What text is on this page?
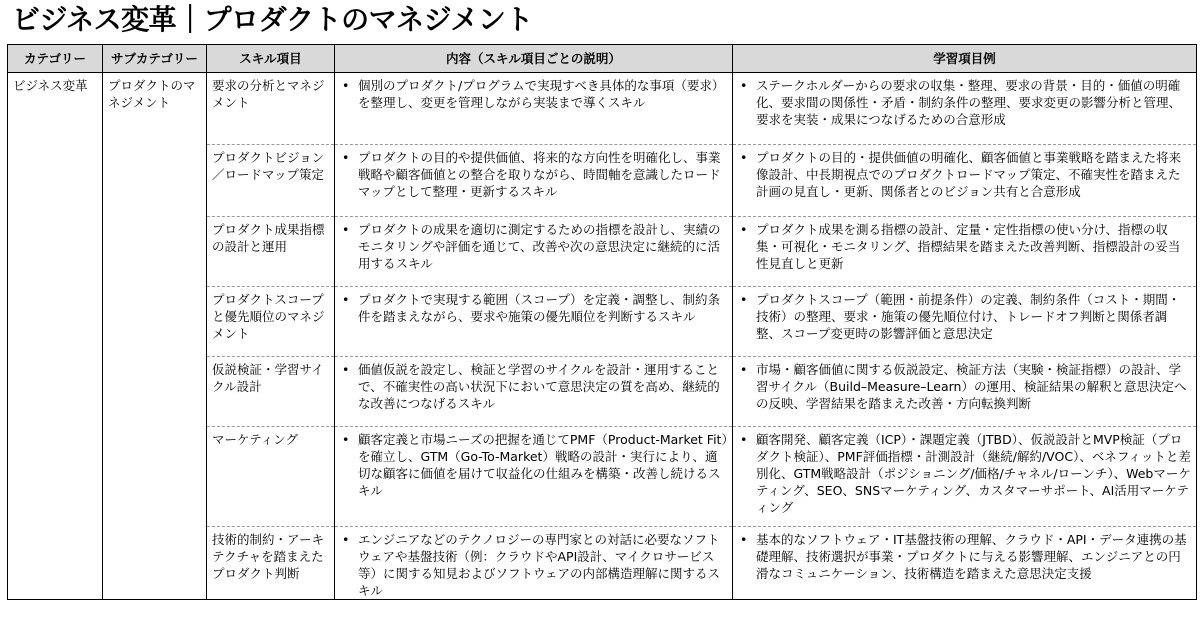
ビジネス変革｜プロダクトのマネジメント
カテゴリー	サブカテゴリー	スキル項目	内容（スキル項目ごとの説明）	学習項目例
ビジネス変革	プロダクトのマネジメント	要求の分析とマネジメント	• 個別のプロダクト/プログラムで実現すべき具体的な事項（要求）を整理し、変更を管理しながら実装まで導くスキル	• ステークホルダーからの要求の収集・整理、要求の背景・目的・価値の明確化、要求間の関係性・矛盾・制約条件の整理、要求変更の影響分析と管理、要求を実装・成果につなげるための合意形成

		プロダクトビジョン／ロードマップ策定	• プロダクトの目的や提供価値、将来的な方向性を明確化し、事業戦略や顧客価値との整合を取りながら、時間軸を意識したロードマップとして整理・更新するスキル	• プロダクトの目的・提供価値の明確化、顧客価値と事業戦略を踏まえた将来像設計、中長期視点でのプロダクトロードマップ策定、不確実性を踏まえた計画の見直し・更新、関係者とのビジョン共有と合意形成

		プロダクト成果指標の設計と運用	• プロダクトの成果を適切に測定するための指標を設計し、実績のモニタリングや評価を通じて、改善や次の意思決定に継続的に活用するスキル	• プロダクト成果を測る指標の設計、定量・定性指標の使い分け、指標の収集・可視化・モニタリング、指標結果を踏まえた改善判断、指標設計の妥当性見直しと更新

		プロダクトスコープと優先順位のマネジメント	• プロダクトで実現する範囲（スコープ）を定義・調整し、制約条件を踏まえながら、要求や施策の優先順位を判断するスキル	• プロダクトスコープ（範囲・前提条件）の定義、制約条件（コスト・期間・技術）の整理、要求・施策の優先順位付け、トレードオフ判断と関係者調整、スコープ変更時の影響評価と意思決定

		仮説検証・学習サイクル設計	• 価値仮説を設定し、検証と学習のサイクルを設計・運用することで、不確実性の高い状況下において意思決定の質を高め、継続的な改善につなげるスキル	• 市場・顧客価値に関する仮説設定、検証方法（実験・検証指標）の設計、学習サイクル（Build–Measure–Learn）の運用、検証結果の解釈と意思決定への反映、学習結果を踏まえた改善・方向転換判断

		マーケティング	• 顧客定義と市場ニーズの把握を通じてPMF（Product-Market Fit）を確立し、GTM（Go-To-Market）戦略の設計・実行により、適切な顧客に価値を届けて収益化の仕組みを構築・改善し続けるスキル	• 顧客開発、顧客定義（ICP）・課題定義（JTBD）、仮説設計とMVP検証（プロダクト検証）、PMF評価指標・計測設計（継続/解約/VOC）、ベネフィットと差別化、GTM戦略設計（ポジショニング/価格/チャネル/ローンチ）、Webマーケティング、SEO、SNSマーケティング、カスタマーサポート、AI活用マーケティング

		技術的制約・アーキテクチャを踏まえたプロダクト判断	• エンジニアなどのテクノロジーの専門家との対話に必要なソフトウェアや基盤技術（例：クラウドやAPI設計、マイクロサービス等）に関する知見およびソフトウェアの内部構造理解に関するスキル	• 基本的なソフトウェア・IT基盤技術の理解、クラウド・API・データ連携の基礎理解、技術選択が事業・プロダクトに与える影響理解、エンジニアとの円滑なコミュニケーション、技術構造を踏まえた意思決定支援
